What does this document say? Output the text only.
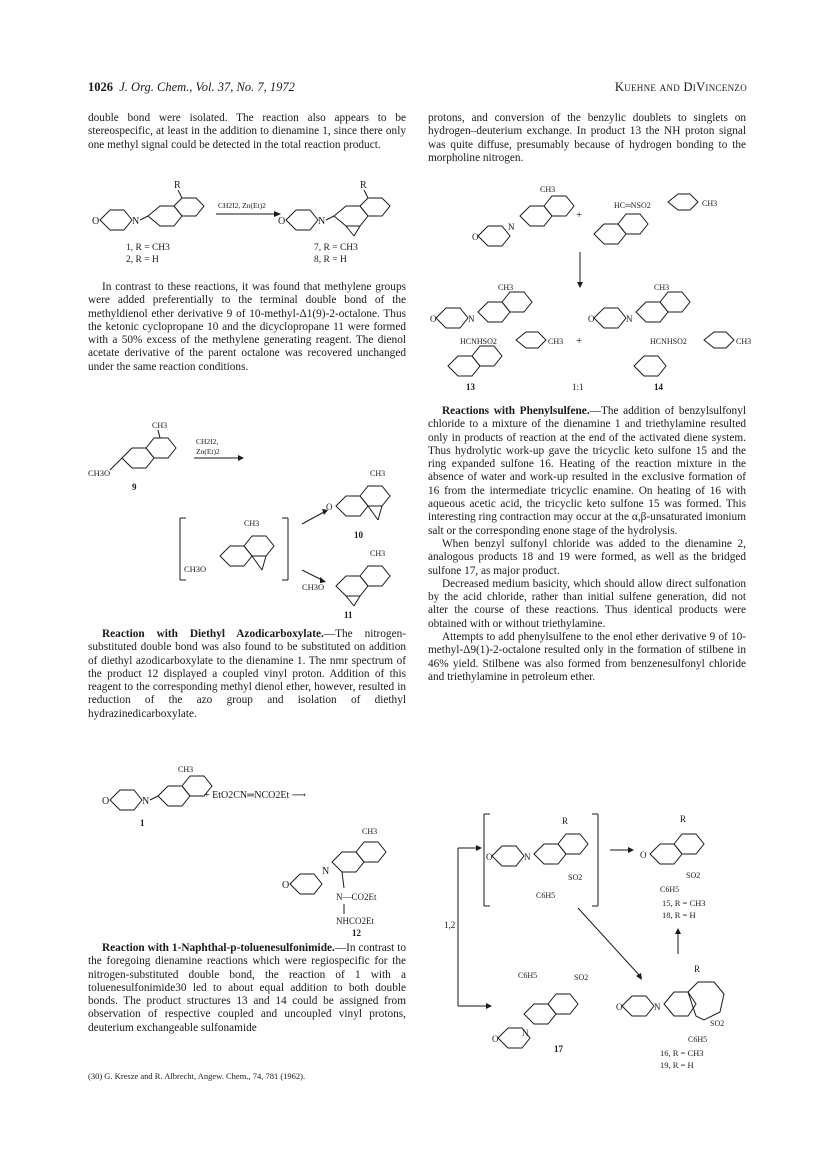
1026 J. Org. Chem., Vol. 37, No. 7, 1972	Kuehne and DiVincenzo

double bond were isolated. The reaction also appears to be stereospecific, at least in the addition to dienamine 1, since there only one methyl signal could be detected in the total reaction product.

In contrast to these reactions, it was found that methylene groups were added preferentially to the terminal double bond of the methyldienol ether derivative 9 of 10-methyl-Δ1(9)-2-octalone. Thus the ketonic cyclopropane 10 and the dicyclopropane 11 were formed with a 50% excess of the methylene generating reagent. The dienol acetate derivative of the parent octalone was recovered unchanged under the same reaction conditions.

Reaction with Diethyl Azodicarboxylate.—The nitrogen-substituted double bond was also found to be substituted on addition of diethyl azodicarboxylate to the dienamine 1. The nmr spectrum of the product 12 displayed a coupled vinyl proton. Addition of this reagent to the corresponding methyl dienol ether, however, resulted in reduction of the azo group and isolation of diethyl hydrazinedicarboxylate.

Reaction with 1-Naphthal-p-toluenesulfonimide.—In contrast to the foregoing dienamine reactions which were regiospecific for the nitrogen-substituted double bond, the reaction of 1 with a toluenesulfonimide30 led to about equal addition to both double bonds. The product structures 13 and 14 could be assigned from observation of respective coupled and uncoupled vinyl protons, deuterium exchangeable sulfonamide

(30) G. Kresze and R. Albrecht, Angew. Chem., 74, 781 (1962).

protons, and conversion of the benzylic doublets to singlets on hydrogen–deuterium exchange. In product 13 the NH proton signal was quite diffuse, presumably because of hydrogen bonding to the morpholine nitrogen.

Reactions with Phenylsulfene.—The addition of benzylsulfonyl chloride to a mixture of the dienamine 1 and triethylamine resulted only in products of reaction at the end of the activated diene system. Thus hydrolytic work-up gave the tricyclic keto sulfone 15 and the ring expanded sulfone 16. Heating of the reaction mixture in the absence of water and work-up resulted in the exclusive formation of 16 from the intermediate tricyclic enamine. On heating of 16 with aqueous acetic acid, the tricyclic keto sulfone 15 was formed. This interesting ring contraction may occur at the α,β-unsaturated imonium salt or the corresponding enone stage of the hydrolysis.

When benzyl sulfonyl chloride was added to the dienamine 2, analogous products 18 and 19 were formed, as well as the bridged sulfone 17, as major product.

Decreased medium basicity, which should allow direct sulfonation by the acid chloride, rather than initial sulfene generation, did not alter the course of these reactions. Thus identical products were obtained with or without triethylamine.

Attempts to add phenylsulfene to the enol ether derivative 9 of 10-methyl-Δ9(1)-2-octalone resulted only in the formation of stilbene in 46% yield. Stilbene was also formed from benzenesulfonyl chloride and triethylamine in petroleum ether.

O	N
R
1, R = CH3
2, R = H
CH2I2, Zn(Et)2
O	N
R
7, R = CH3
8, R = H
CH3
CH3O
9
CH2I2,
Zn(Et)2
CH3
CH3O
CH3
O
10
CH3
CH3O
11
CH3
O	N
+ EtO2CN═NCO2Et ⟶
1
CH3
O
N
N—CO2Et
NHCO2Et
12
CH3
O
N
+
HC═NSO2	CH3
CH3
O	N
HCNHSO2	CH3 +
13	1:1
CH3
O	N
HCNHSO2	CH3
14
R
O	N
SO2
C6H5
R
O
SO2
C6H5
15, R = CH3
18, R = H
1,2
C6H5	SO2
O
N
17
R
O	N
SO2
C6H5
16, R = CH3
19, R = H
